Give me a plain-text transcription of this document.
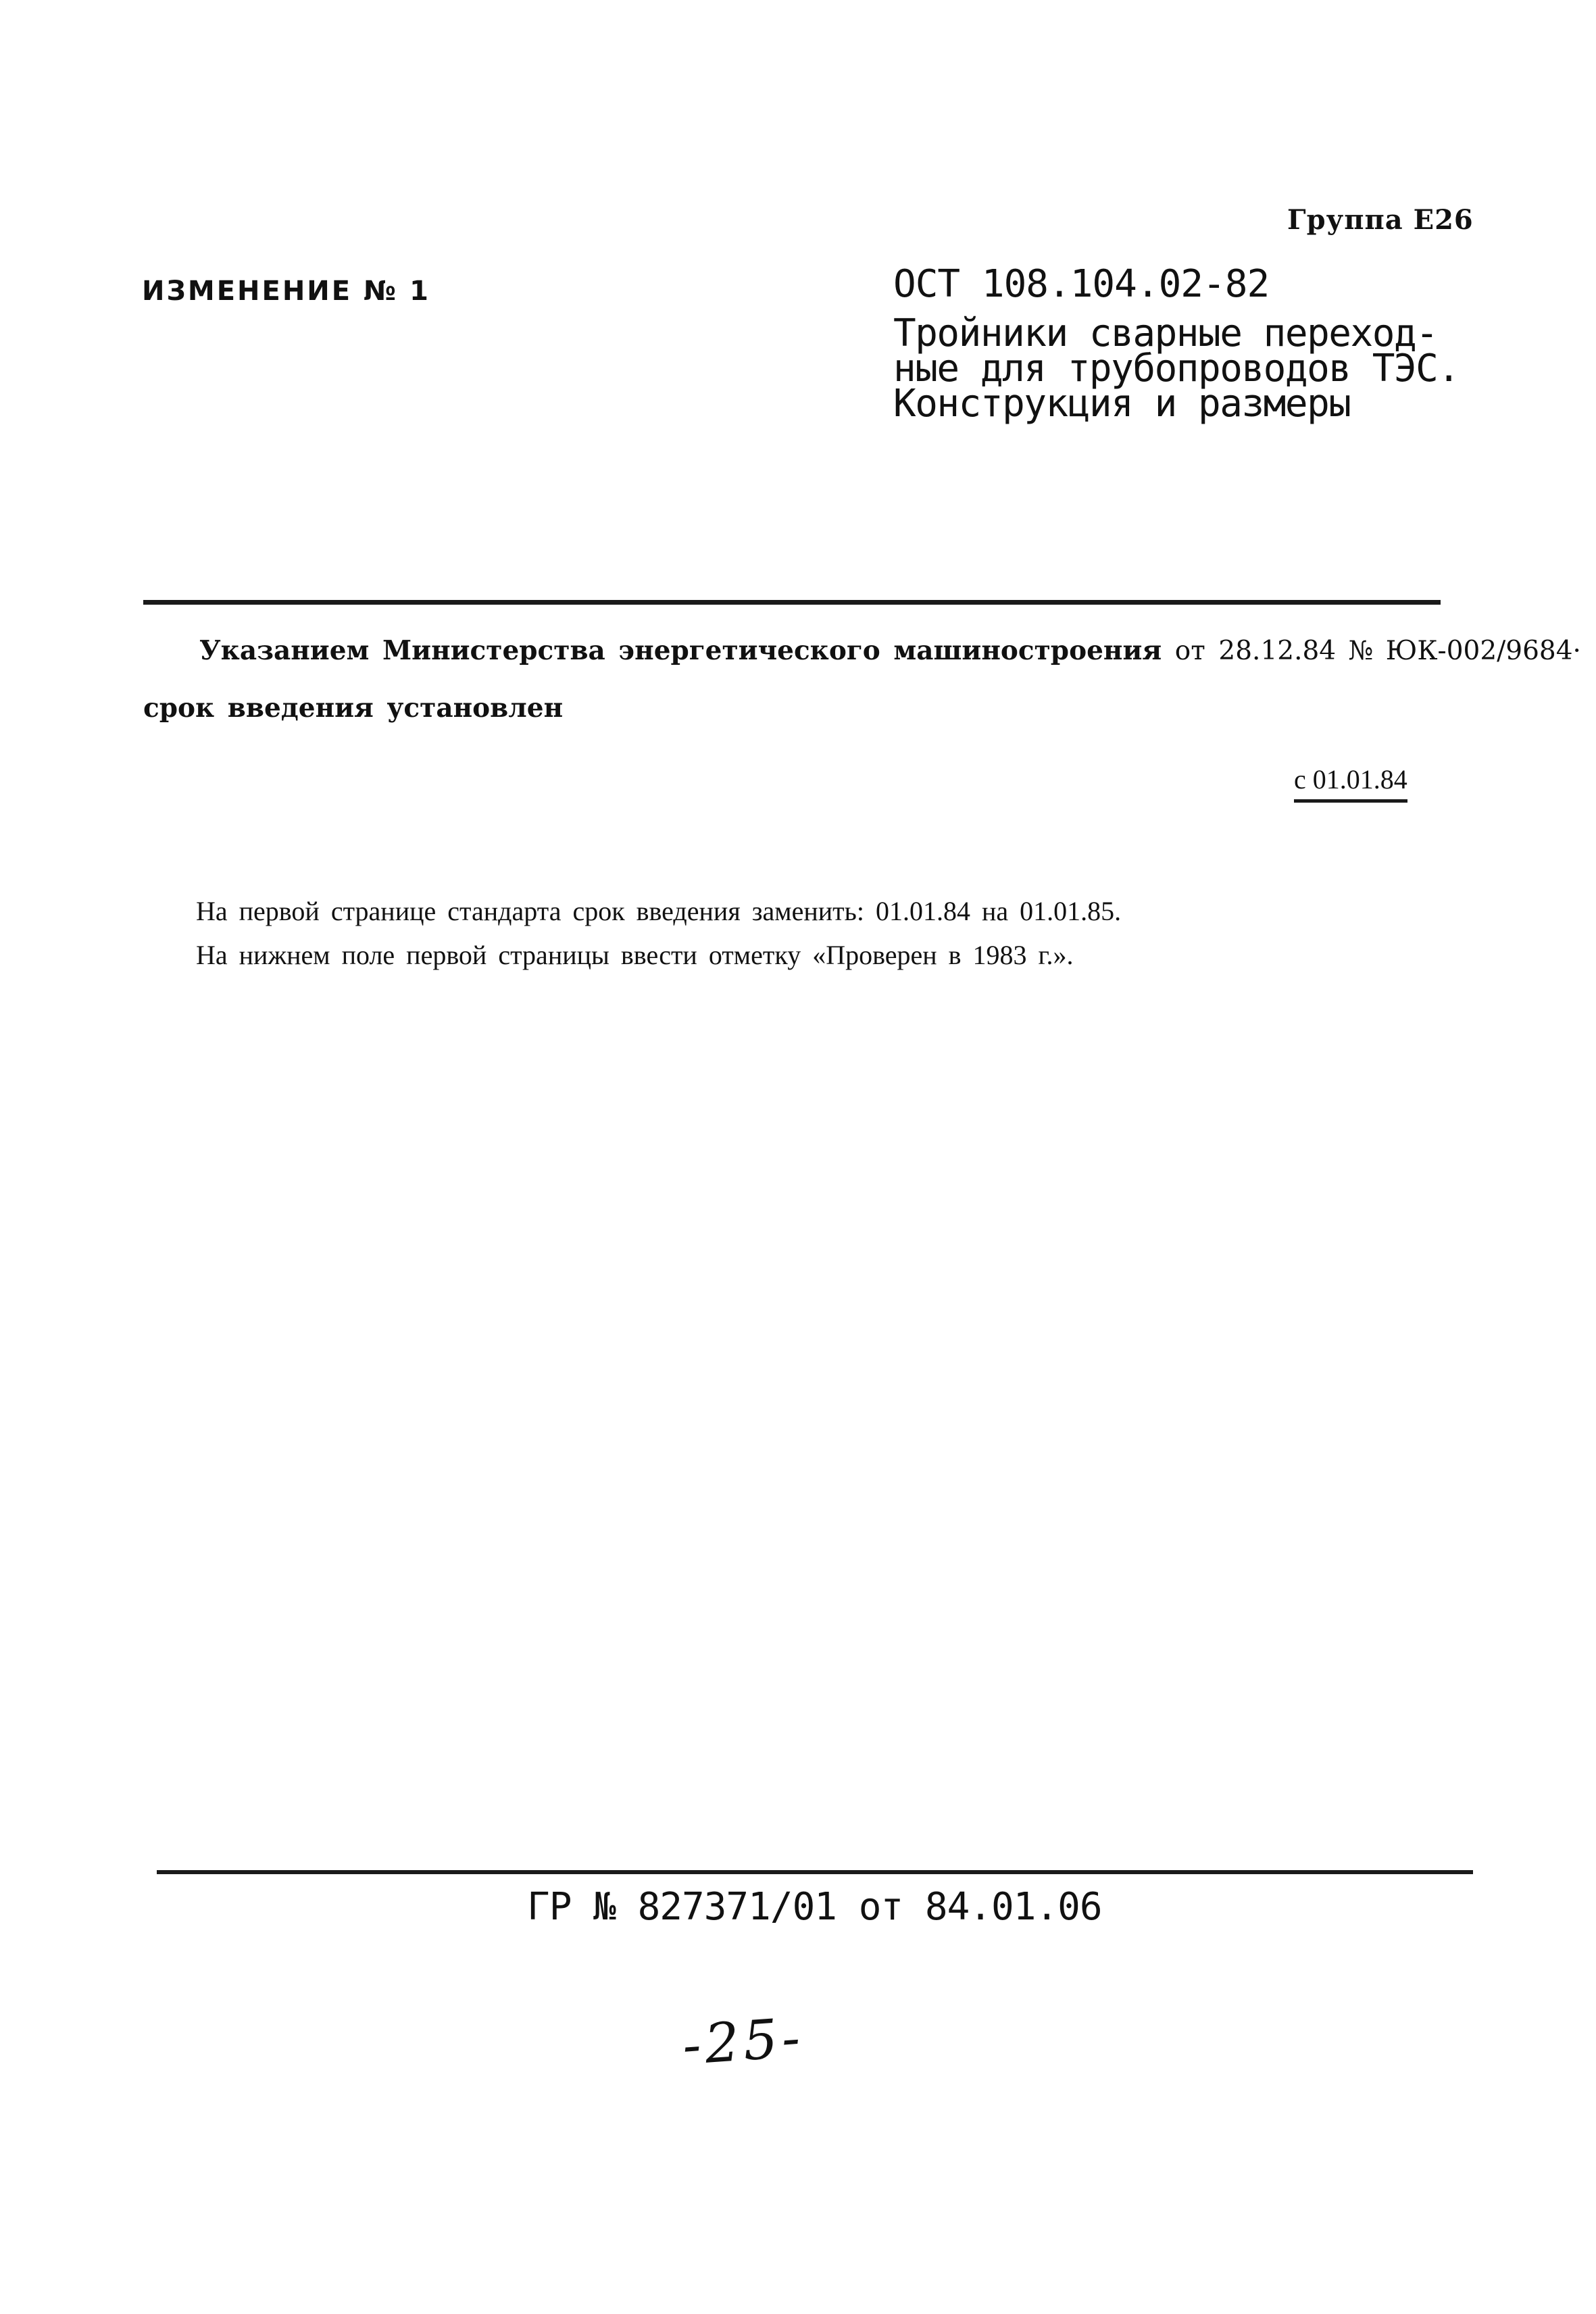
Группа Е26
ИЗМЕНЕНИЕ № 1	ОСТ 108.104.02-82
Тройники сварные переход-
ные для трубопроводов ТЭС.
Конструкция и размеры
Указанием Министерства энергетического машиностроения от 28.12.84 № ЮК-002/9684·
срок введения установлен
с 01.01.84
На первой странице стандарта срок введения заменить: 01.01.84 на 01.01.85.
На нижнем поле первой страницы ввести отметку «Проверен в 1983 г.».
ГР № 827371/01 от 84.01.06
-25-
